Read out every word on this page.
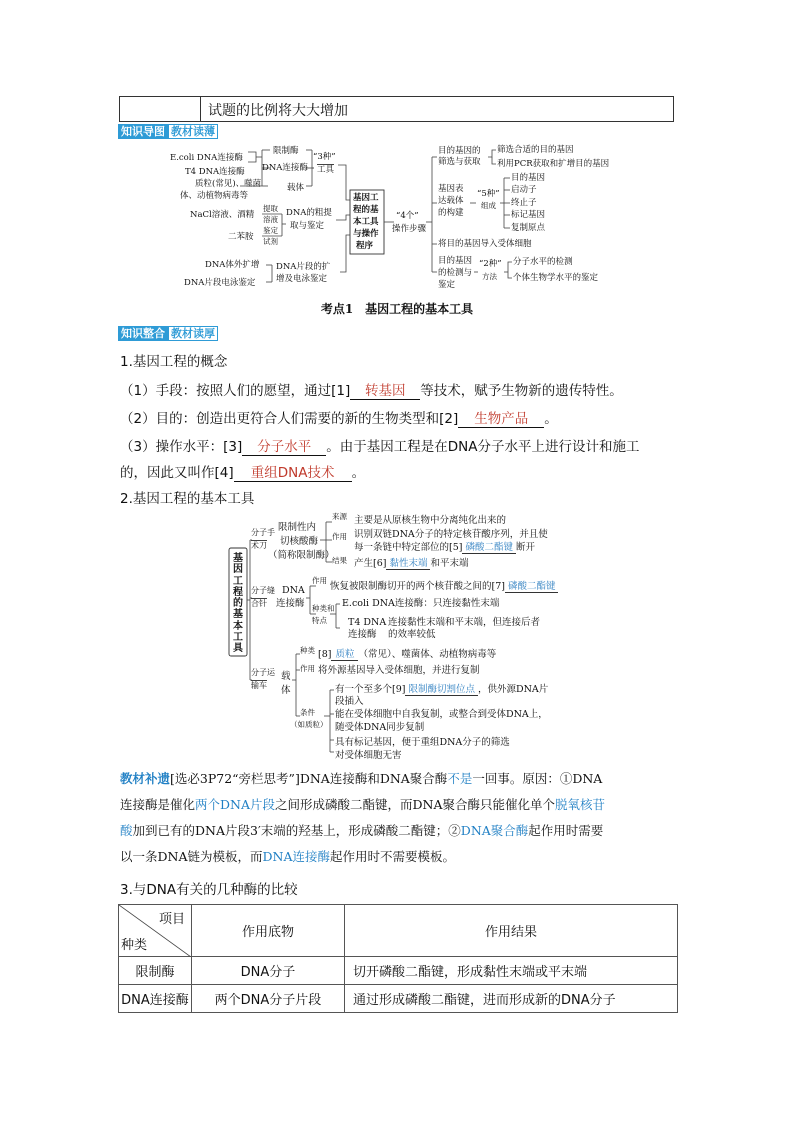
试题的比例将大大增加
知识导图 教材读薄
E.coli DNA连接酶
T4 DNA连接酶
质粒(常见)、噬菌
体、动植物病毒等
限制酶
DNA连接酶
载体
“3种”
工具
NaCl溶液、酒精
二苯胺
提取
溶液
鉴定
试剂
DNA的粗提
取与鉴定
DNA体外扩增
DNA片段电泳鉴定
DNA片段的扩
增及电泳鉴定
基因工
程的基
本工具
与操作
程序
“4个”
操作步骤
目的基因的
筛选与获取
筛选合适的目的基因
利用PCR获取和扩增目的基因
基因表
达载体
的构建
“5种”
组成
目的基因
启动子
终止子
标记基因
复制原点
将目的基因导入受体细胞
目的基因
的检测与
鉴定
“2种”
方法
分子水平的检测
个体生物学水平的鉴定
考点1　基因工程的基本工具
知识整合 教材读厚
1.基因工程的概念
（1）手段：按照人们的愿望，通过[1] 转基因 等技术，赋予生物新的遗传特性。
（2）目的：创造出更符合人们需要的新的生物类型和[2] 生物产品 。
（3）操作水平：[3] 分子水平 。由于基因工程是在DNA分子水平上进行设计和施工
的，因此又叫作[4] 重组DNA技术 。
2.基因工程的基本工具
基
因
工
程
的
基
本
工
具
分子手
术刀
限制性内
切核酸酶
（简称限制酶）
来源 主要是从原核生物中分离纯化出来的
作用 识别双链DNA分子的特定核苷酸序列，并且使
每一条链中特定部位的[5] 磷酸二酯键 断开
结果 产生[6] 黏性末端 和平末端
分子缝
合针
DNA
连接酶
作用
恢复被限制酶切开的两个核苷酸之间的[7] 磷酸二酯键
种类和
特点
E.coli DNA连接酶：只连接黏性末端
T4 DNA
连接酶
连接黏性末端和平末端，但连接后者
的效率较低
分子运
输车
载
体
种类 [8] 质粒 （常见）、噬菌体、动植物病毒等
作用 将外源基因导入受体细胞，并进行复制
条件
（如质粒）
有一个至多个[9] 限制酶切割位点 ，供外源DNA片
段插入
能在受体细胞中自我复制，或整合到受体DNA上，
随受体DNA同步复制
具有标记基因，便于重组DNA分子的筛选
对受体细胞无害
教材补遗[选必3P72“旁栏思考”]DNA连接酶和DNA聚合酶不是一回事。原因：①DNA
连接酶是催化两个DNA片段之间形成磷酸二酯键，而DNA聚合酶只能催化单个脱氧核苷
酸加到已有的DNA片段3′末端的羟基上，形成磷酸二酯键；②DNA聚合酶起作用时需要
以一条DNA链为模板，而DNA连接酶起作用时不需要模板。
3.与DNA有关的几种酶的比较
项目
种类	作用底物	作用结果
限制酶	DNA分子	切开磷酸二酯键，形成黏性末端或平末端
DNA连接酶	两个DNA分子片段	通过形成磷酸二酯键，进而形成新的DNA分子
